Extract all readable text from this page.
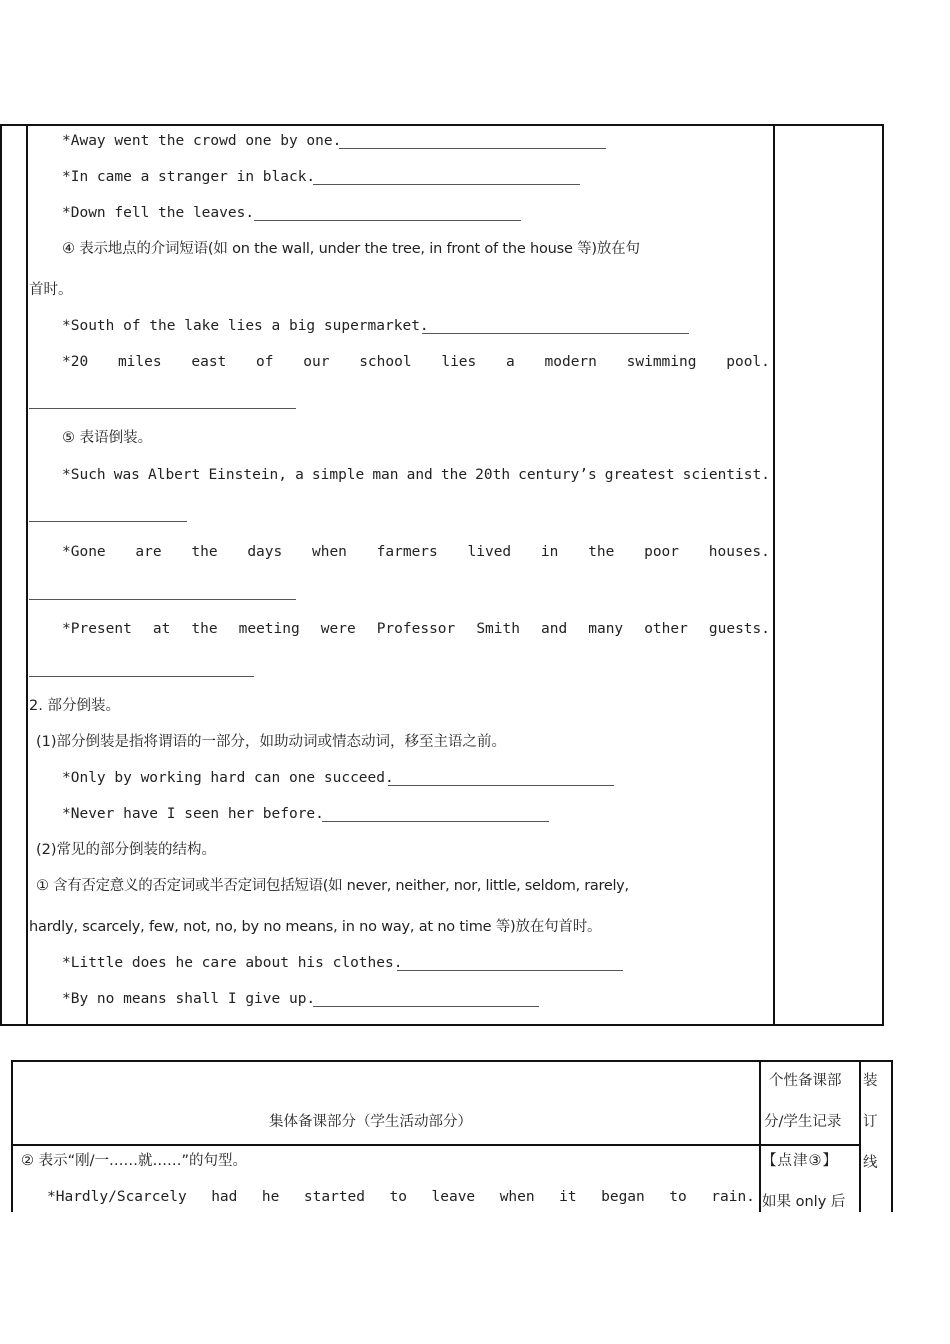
*Away went the crowd one by one.
*In came a stranger in black.
*Down fell the leaves.
④ 表示地点的介词短语(如 on the wall, under the tree, in front of the house 等)放在句
首时。
*South of the lake lies a big supermarket.
*20 miles east of our school lies a modern swimming pool.
⑤ 表语倒装。
*Such was Albert Einstein, a simple man and the 20th century’s greatest scientist.
*Gone are the days when farmers lived in the poor houses.
*Present at the meeting were Professor Smith and many other guests.
2. 部分倒装。
(1)部分倒装是指将谓语的一部分，如助动词或情态动词，移至主语之前。
*Only by working hard can one succeed.
*Never have I seen her before.
(2)常见的部分倒装的结构。
① 含有否定意义的否定词或半否定词包括短语(如 never, neither, nor, little, seldom, rarely,
hardly, scarcely, few, not, no, by no means, in no way, at no time 等)放在句首时。
*Little does he care about his clothes.
*By no means shall I give up.
集体备课部分（学生活动部分）
个性备课部
分/学生记录
装
订
线
② 表示“刚/一……就……”的句型。	【点津③】
*Hardly/Scarcely had he started to leave when it began to rain. 如果 only 后
